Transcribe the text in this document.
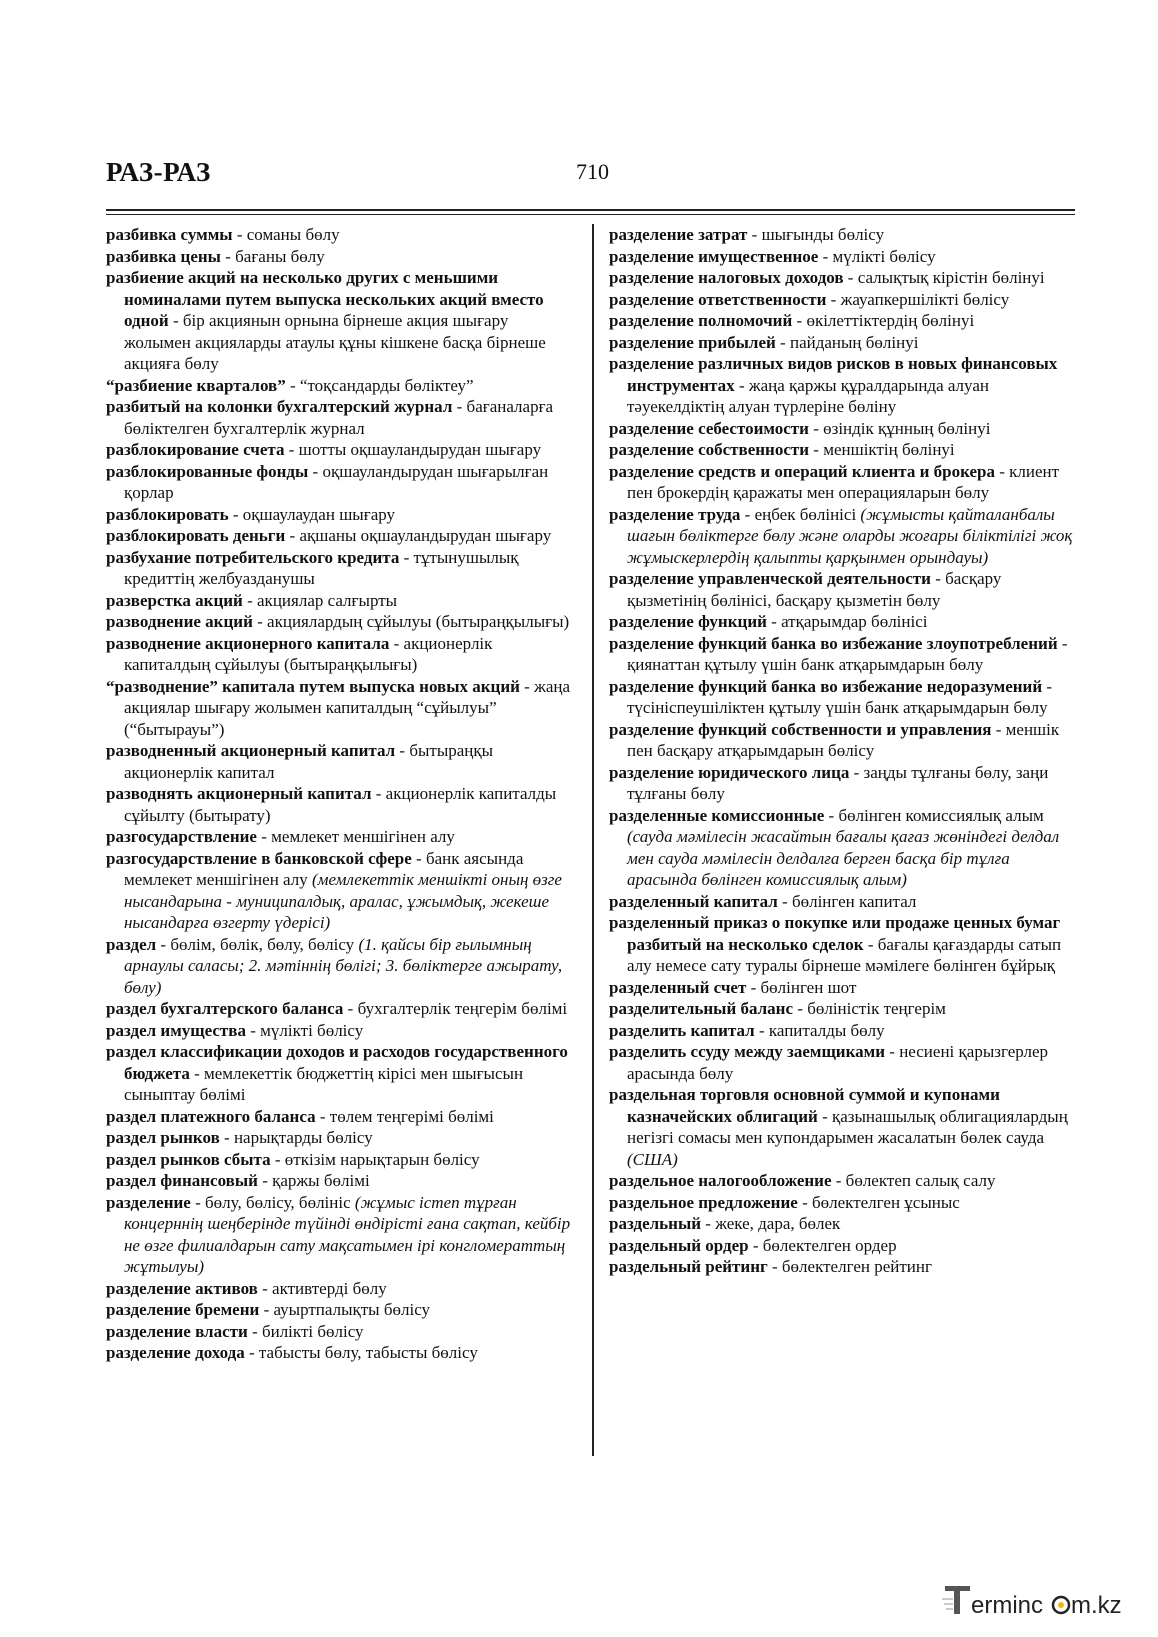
РАЗ-РАЗ	710

разбивка суммы - соманы бөлу

разбивка цены - бағаны бөлу

разбиение акций на несколько других с меньшими номиналами путем выпуска нескольких акций вместо одной - бір акциянын орнына бірнеше акция шығару жолымен акцияларды атаулы құны кішкене басқа бірнеше акцияға бөлу

“разбиение кварталов” - “тоқсандарды бөліктеу”

разбитый на колонки бухгалтерский журнал - бағаналарға бөліктелген бухгалтерлік журнал

разблокирование счета - шотты оқшауландырудан шығару

разблокированные фонды - оқшауландырудан шығарылған қорлар

разблокировать - оқшаулаудан шығару

разблокировать деньги - ақшаны оқшауландырудан шығару

разбухание потребительского кредита - тұтынушылық кредиттің желбуазданушы

разверстка акций - акциялар салғырты

разводнение акций - акциялардың сұйылуы (бытыраңқылығы)

разводнение акционерного капитала - акционерлік капиталдың сұйылуы (бытыраңқылығы)

“разводнение” капитала путем выпуска новых акций - жаңа акциялар шығару жолымен капиталдың “сұйылуы” (“бытырауы”)

разводненный акционерный капитал - бытыраңқы акционерлік капитал

разводнять акционерный капитал - акционерлік капиталды сұйылту (бытырату)

разгосударствление - мемлекет меншігінен алу

разгосударствление в банковской сфере - банк аясында мемлекет меншігінен алу (мемлекеттік меншікті оның өзге нысандарына - муниципалдық, аралас, ұжымдық, жекеше нысандарға өзгерту үдерісі)

раздел - бөлім, бөлік, бөлу, бөлісу (1. қайсы бір ғылымның арнаулы саласы; 2. мәтіннің бөлігі; 3. бөліктерге ажырату, бөлу)

раздел бухгалтерского баланса - бухгалтерлік теңгерім бөлімі

раздел имущества - мүлікті бөлісу

раздел классификации доходов и расходов государственного бюджета - мемлекеттік бюджеттің кірісі мен шығысын сыныптау бөлімі

раздел платежного баланса - төлем теңгерімі бөлімі

раздел рынков - нарықтарды бөлісу

раздел рынков сбыта - өткізім нарықтарын бөлісу

раздел финансовый - қаржы бөлімі

разделение - бөлу, бөлісу, бөлініс (жұмыс істеп тұрған концерннің шеңберінде түйінді өндірісті ғана сақтап, кейбір не өзге филиалдарын сату мақсатымен ірі конгломераттың жұтылуы)

разделение активов - активтерді бөлу

разделение бремени - ауыртпалықты бөлісу

разделение власти - билікті бөлісу

разделение дохода - табысты бөлу, табысты бөлісу

разделение затрат - шығынды бөлісу

разделение имущественное - мүлікті бөлісу

разделение налоговых доходов - салықтық кірістін бөлінуі

разделение ответственности - жауапкершілікті бөлісу

разделение полномочий - өкілеттіктердің бөлінуі

разделение прибылей - пайданың бөлінуі

разделение различных видов рисков в новых финансовых инструментах - жаңа қаржы құралдарында алуан тәуекелдіктің алуан түрлеріне бөліну

разделение себестоимости - өзіндік құнның бөлінуі

разделение собственности - меншіктің бөлінуі

разделение средств и операций клиента и брокера - клиент пен брокердің қаражаты мен операцияларын бөлу

разделение труда - еңбек бөлінісі (жұмысты қайталанбалы шағын бөліктерге бөлу және оларды жоғары біліктілігі жоқ жұмыскерлердің қалыпты қарқынмен орындауы)

разделение управленческой деятельности - басқару қызметінің бөлінісі, басқару қызметін бөлу

разделение функций - атқарымдар бөлінісі

разделение функций банка во избежание злоупотреблений - қиянаттан құтылу үшін банк атқарымдарын бөлу

разделение функций банка во избежание недоразумений - түсініспеушіліктен құтылу үшін банк атқарымдарын бөлу

разделение функций собственности и управления - меншік пен басқару атқарымдарын бөлісу

разделение юридического лица - заңды тұлғаны бөлу, заңи тұлғаны бөлу

разделенные комиссионные - бөлінген комиссиялық алым (сауда мәмілесін жасайтын бағалы қағаз жөніндегі делдал мен сауда мәмілесін делдалға берген басқа бір тұлға арасында бөлінген комиссиялық алым)

разделенный капитал - бөлінген капитал

разделенный приказ о покупке или продаже ценных бумаг разбитый на несколько сделок - бағалы қағаздарды сатып алу немесе сату туралы бірнеше мәмілеге бөлінген бұйрық

разделенный счет - бөлінген шот

разделительный баланс - бөліністік теңгерім

разделить капитал - капиталды бөлу

разделить ссуду между заемщиками - несиені қарызгерлер арасында бөлу

раздельная торговля основной суммой и купонами казначейских облигаций - қазынашылық облигациялардың негізгі сомасы мен купондарымен жасалатын бөлек сауда (США)

раздельное налогообложение - бөлектеп салық салу

раздельное предложение - бөлектелген ұсыныс

раздельный - жеке, дара, бөлек

раздельный ордер - бөлектелген ордер

раздельный рейтинг - бөлектелген рейтинг

erminc m.kz
